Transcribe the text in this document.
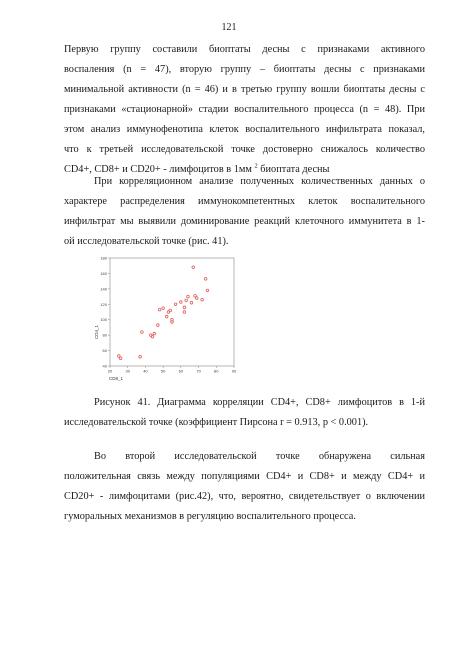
121
Первую группу составили биоптаты десны с признаками активного
воспаления (n = 47), вторую группу – биоптаты десны с признаками
минимальной активности (n = 46) и в третью группу вошли биоптаты десны с
признаками «стационарной» стадии воспалительного процесса (n = 48). При
этом анализ иммунофенотипа клеток воспалительного инфильтрата показал,
что к третьей исследовательской точке достоверно снижалось количество
CD4+, CD8+ и CD20+ - лимфоцитов в 1мм $^2$ биоптата десны
При корреляционном анализе полученных количественных данных о
характере распределения иммунокомпетентных клеток воспалительного
инфильтрат мы выявили доминирование реакций клеточного иммунитета в 1-
ой исследовательской точке (рис. 41).
20	30	40	50	60	70	80	90
40
60
80
100
120
140
160
180
CD4_1
CD8_1
Рисунок 41. Диаграмма корреляции CD4+, CD8+ лимфоцитов в 1-й
исследовательской точке (коэффициент Пирсона r = 0.913, p < 0.001).
Во второй исследовательской точке обнаружена сильная
положительная связь между популяциями CD4+ и CD8+ и между CD4+ и
CD20+ - лимфоцитами (рис.42), что, вероятно, свидетельствует о включении
гуморальных механизмов в регуляцию воспалительного процесса.
